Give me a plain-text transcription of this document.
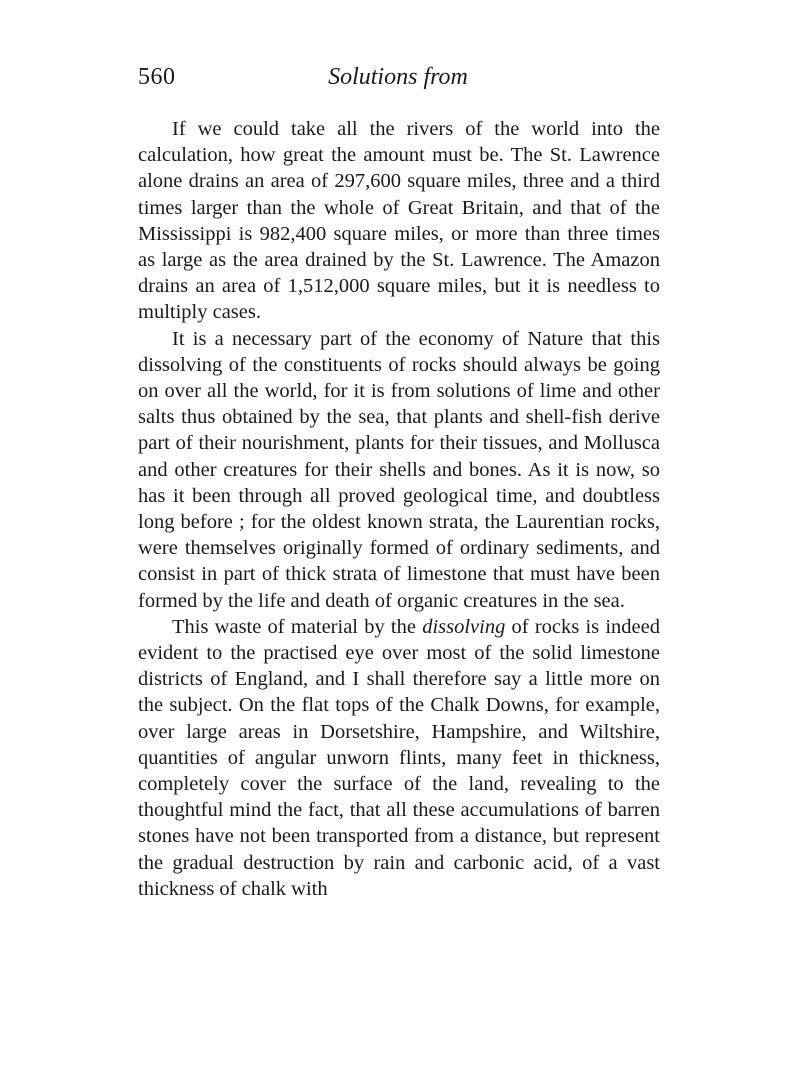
560	Solutions from

If we could take all the rivers of the world into the calculation, how great the amount must be. The St. Lawrence alone drains an area of 297,600 square miles, three and a third times larger than the whole of Great Britain, and that of the Mississippi is 982,400 square miles, or more than three times as large as the area drained by the St. Lawrence. The Amazon drains an area of 1,512,000 square miles, but it is needless to multiply cases.

It is a necessary part of the economy of Nature that this dissolving of the constituents of rocks should always be going on over all the world, for it is from solutions of lime and other salts thus obtained by the sea, that plants and shell-fish derive part of their nourishment, plants for their tissues, and Mollusca and other creatures for their shells and bones. As it is now, so has it been through all proved geological time, and doubtless long before ; for the oldest known strata, the Laurentian rocks, were themselves originally formed of ordinary sediments, and consist in part of thick strata of limestone that must have been formed by the life and death of organic creatures in the sea.

This waste of material by the dissolving of rocks is indeed evident to the practised eye over most of the solid limestone districts of England, and I shall therefore say a little more on the subject. On the flat tops of the Chalk Downs, for example, over large areas in Dorsetshire, Hampshire, and Wiltshire, quantities of angular unworn flints, many feet in thickness, completely cover the surface of the land, revealing to the thoughtful mind the fact, that all these accumulations of barren stones have not been transported from a distance, but represent the gradual destruction by rain and carbonic acid, of a vast thickness of chalk with
